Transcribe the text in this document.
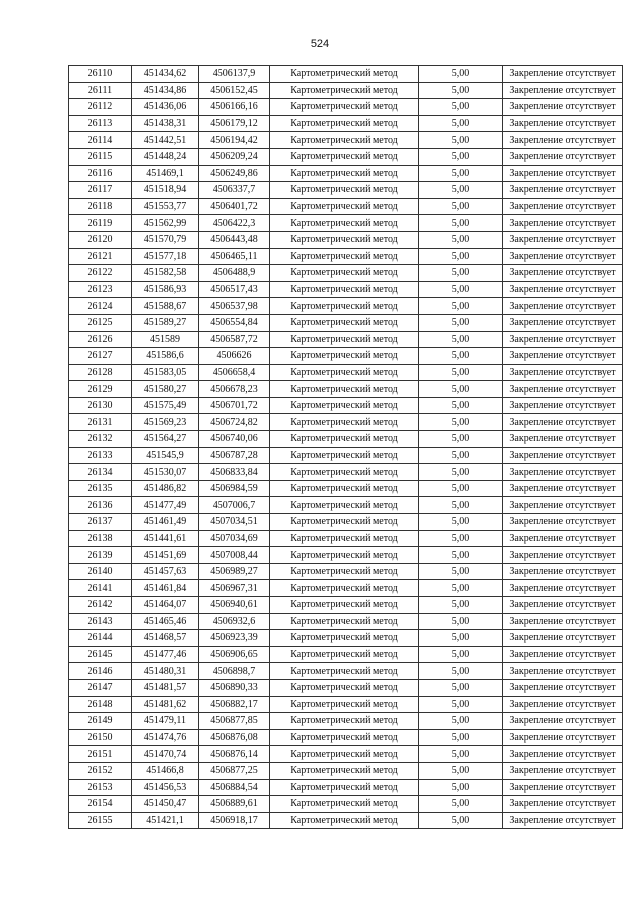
524
26110	451434,62	4506137,9	Картометрический метод	5,00	Закрепление отсутствует
26111	451434,86	4506152,45	Картометрический метод	5,00	Закрепление отсутствует
26112	451436,06	4506166,16	Картометрический метод	5,00	Закрепление отсутствует
26113	451438,31	4506179,12	Картометрический метод	5,00	Закрепление отсутствует
26114	451442,51	4506194,42	Картометрический метод	5,00	Закрепление отсутствует
26115	451448,24	4506209,24	Картометрический метод	5,00	Закрепление отсутствует
26116	451469,1	4506249,86	Картометрический метод	5,00	Закрепление отсутствует
26117	451518,94	4506337,7	Картометрический метод	5,00	Закрепление отсутствует
26118	451553,77	4506401,72	Картометрический метод	5,00	Закрепление отсутствует
26119	451562,99	4506422,3	Картометрический метод	5,00	Закрепление отсутствует
26120	451570,79	4506443,48	Картометрический метод	5,00	Закрепление отсутствует
26121	451577,18	4506465,11	Картометрический метод	5,00	Закрепление отсутствует
26122	451582,58	4506488,9	Картометрический метод	5,00	Закрепление отсутствует
26123	451586,93	4506517,43	Картометрический метод	5,00	Закрепление отсутствует
26124	451588,67	4506537,98	Картометрический метод	5,00	Закрепление отсутствует
26125	451589,27	4506554,84	Картометрический метод	5,00	Закрепление отсутствует
26126	451589	4506587,72	Картометрический метод	5,00	Закрепление отсутствует
26127	451586,6	4506626	Картометрический метод	5,00	Закрепление отсутствует
26128	451583,05	4506658,4	Картометрический метод	5,00	Закрепление отсутствует
26129	451580,27	4506678,23	Картометрический метод	5,00	Закрепление отсутствует
26130	451575,49	4506701,72	Картометрический метод	5,00	Закрепление отсутствует
26131	451569,23	4506724,82	Картометрический метод	5,00	Закрепление отсутствует
26132	451564,27	4506740,06	Картометрический метод	5,00	Закрепление отсутствует
26133	451545,9	4506787,28	Картометрический метод	5,00	Закрепление отсутствует
26134	451530,07	4506833,84	Картометрический метод	5,00	Закрепление отсутствует
26135	451486,82	4506984,59	Картометрический метод	5,00	Закрепление отсутствует
26136	451477,49	4507006,7	Картометрический метод	5,00	Закрепление отсутствует
26137	451461,49	4507034,51	Картометрический метод	5,00	Закрепление отсутствует
26138	451441,61	4507034,69	Картометрический метод	5,00	Закрепление отсутствует
26139	451451,69	4507008,44	Картометрический метод	5,00	Закрепление отсутствует
26140	451457,63	4506989,27	Картометрический метод	5,00	Закрепление отсутствует
26141	451461,84	4506967,31	Картометрический метод	5,00	Закрепление отсутствует
26142	451464,07	4506940,61	Картометрический метод	5,00	Закрепление отсутствует
26143	451465,46	4506932,6	Картометрический метод	5,00	Закрепление отсутствует
26144	451468,57	4506923,39	Картометрический метод	5,00	Закрепление отсутствует
26145	451477,46	4506906,65	Картометрический метод	5,00	Закрепление отсутствует
26146	451480,31	4506898,7	Картометрический метод	5,00	Закрепление отсутствует
26147	451481,57	4506890,33	Картометрический метод	5,00	Закрепление отсутствует
26148	451481,62	4506882,17	Картометрический метод	5,00	Закрепление отсутствует
26149	451479,11	4506877,85	Картометрический метод	5,00	Закрепление отсутствует
26150	451474,76	4506876,08	Картометрический метод	5,00	Закрепление отсутствует
26151	451470,74	4506876,14	Картометрический метод	5,00	Закрепление отсутствует
26152	451466,8	4506877,25	Картометрический метод	5,00	Закрепление отсутствует
26153	451456,53	4506884,54	Картометрический метод	5,00	Закрепление отсутствует
26154	451450,47	4506889,61	Картометрический метод	5,00	Закрепление отсутствует
26155	451421,1	4506918,17	Картометрический метод	5,00	Закрепление отсутствует
